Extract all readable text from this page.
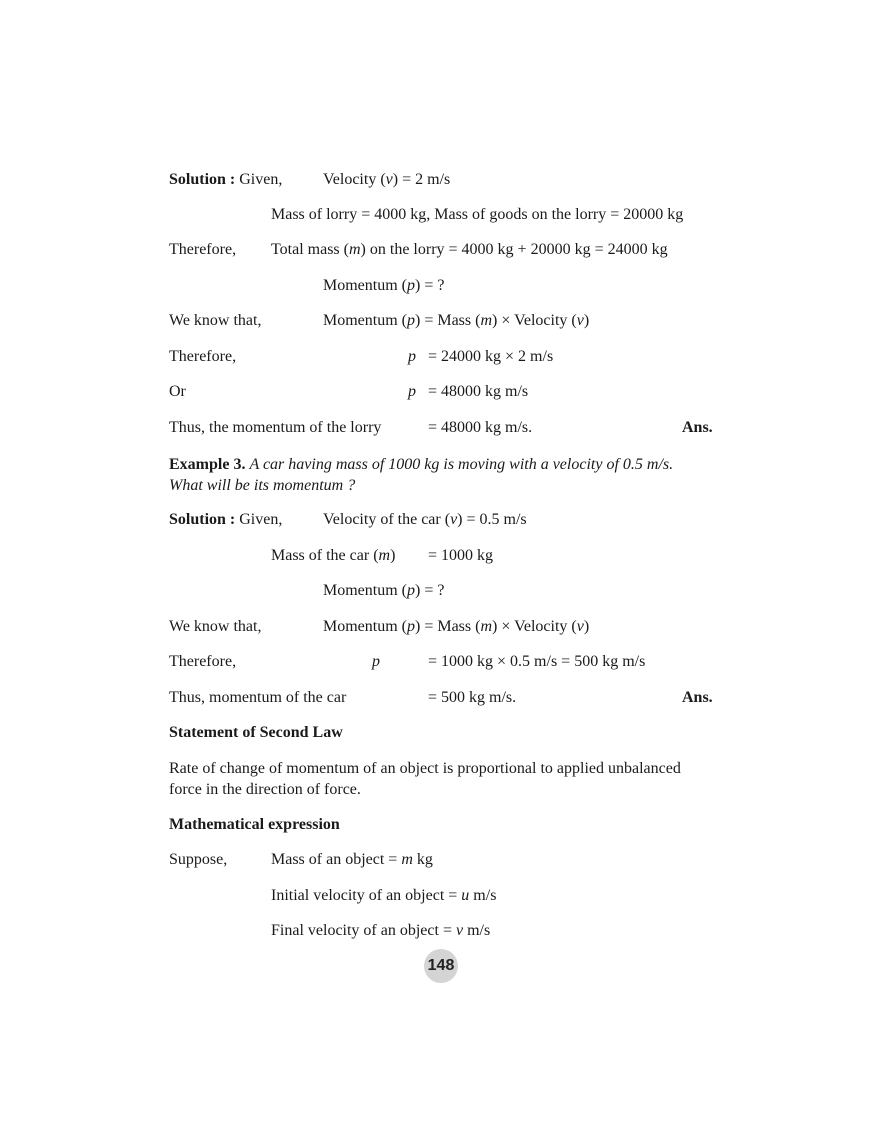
Solution : Given,	Velocity (v) = 2 m/s
Mass of lorry = 4000 kg, Mass of goods on the lorry = 20000 kg
Therefore, Total mass (m) on the lorry = 4000 kg + 20000 kg = 24000 kg
Momentum (p) = ?
We know that,	Momentum (p) = Mass (m) × Velocity (v)
Therefore,	p = 24000 kg × 2 m/s
Or	p = 48000 kg m/s
Thus, the momentum of the lorry	= 48000 kg m/s.	Ans.
Example 3. A car having mass of 1000 kg is moving with a velocity of 0.5 m/s.
What will be its momentum ?
Solution : Given,	Velocity of the car (v) = 0.5 m/s
Mass of the car (m) = 1000 kg
Momentum (p) = ?
We know that,	Momentum (p) = Mass (m) × Velocity (v)
Therefore,	p	= 1000 kg × 0.5 m/s = 500 kg m/s
Thus, momentum of the car	= 500 kg m/s.	Ans.
Statement of Second Law
Rate of change of momentum of an object is proportional to applied unbalanced
force in the direction of force.
Mathematical expression
Suppose,	Mass of an object = m kg
Initial velocity of an object = u m/s
Final velocity of an object = v m/s
148
